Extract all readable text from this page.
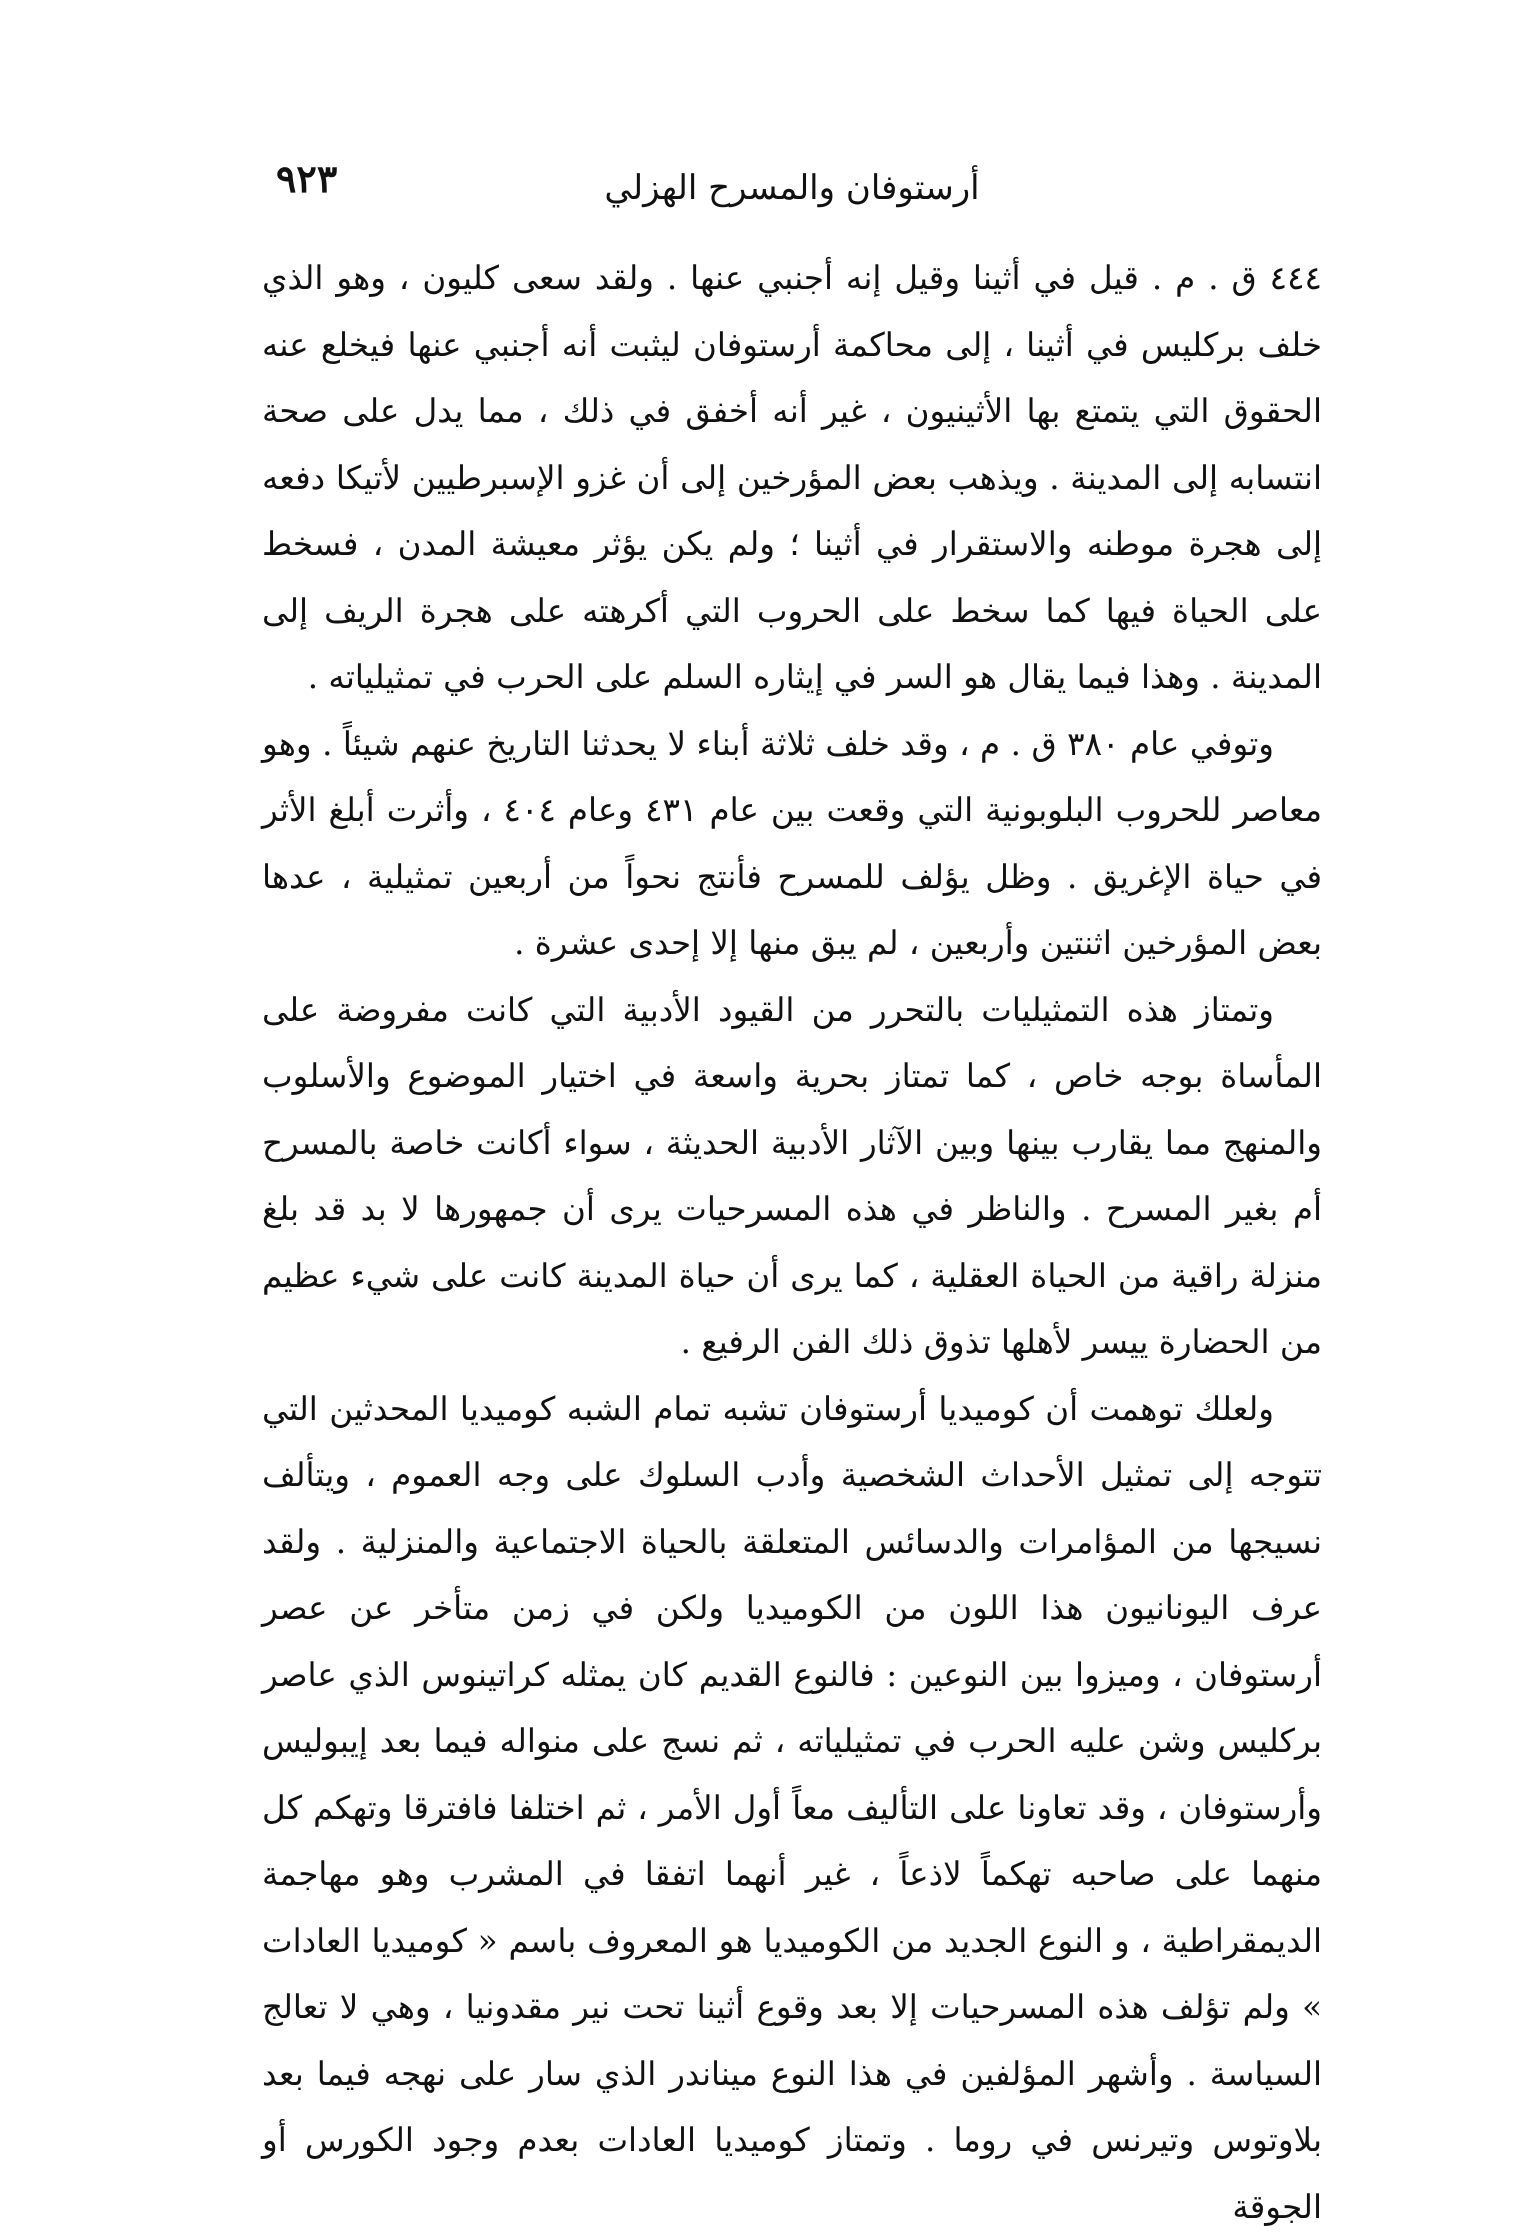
أرستوفان والمسرح الهزلي
٩٢٣

٤٤٤ ق . م . قيل في أثينا وقيل إنه أجنبي عنها . ولقد سعى كليون ، وهو الذي خلف بركليس في أثينا ، إلى محاكمة أرستوفان ليثبت أنه أجنبي عنها فيخلع عنه الحقوق التي يتمتع بها الأثينيون ، غير أنه أخفق في ذلك ، مما يدل على صحة انتسابه إلى المدينة . ويذهب بعض المؤرخين إلى أن غزو الإسبرطيين لأتيكا دفعه إلى هجرة موطنه والاستقرار في أثينا ؛ ولم يكن يؤثر معيشة المدن ، فسخط على الحياة فيها كما سخط على الحروب التي أكرهته على هجرة الريف إلى المدينة . وهذا فيما يقال هو السر في إيثاره السلم على الحرب في تمثيلياته .

وتوفي عام ٣٨٠ ق . م ، وقد خلف ثلاثة أبناء لا يحدثنا التاريخ عنهم شيئاً . وهو معاصر للحروب البلوبونية التي وقعت بين عام ٤٣١ وعام ٤٠٤ ، وأثرت أبلغ الأثر في حياة الإغريق . وظل يؤلف للمسرح فأنتج نحواً من أربعين تمثيلية ، عدها بعض المؤرخين اثنتين وأربعين ، لم يبق منها إلا إحدى عشرة .

وتمتاز هذه التمثيليات بالتحرر من القيود الأدبية التي كانت مفروضة على المأساة بوجه خاص ، كما تمتاز بحرية واسعة في اختيار الموضوع والأسلوب والمنهج مما يقارب بينها وبين الآثار الأدبية الحديثة ، سواء أكانت خاصة بالمسرح أم بغير المسرح . والناظر في هذه المسرحيات يرى أن جمهورها لا بد قد بلغ منزلة راقية من الحياة العقلية ، كما يرى أن حياة المدينة كانت على شيء عظيم من الحضارة ييسر لأهلها تذوق ذلك الفن الرفيع .

ولعلك توهمت أن كوميديا أرستوفان تشبه تمام الشبه كوميديا المحدثين التي تتوجه إلى تمثيل الأحداث الشخصية وأدب السلوك على وجه العموم ، ويتألف نسيجها من المؤامرات والدسائس المتعلقة بالحياة الاجتماعية والمنزلية . ولقد عرف اليونانيون هذا اللون من الكوميديا ولكن في زمن متأخر عن عصر أرستوفان ، وميزوا بين النوعين : فالنوع القديم كان يمثله كراتينوس الذي عاصر بركليس وشن عليه الحرب في تمثيلياته ، ثم نسج على منواله فيما بعد إيبوليس وأرستوفان ، وقد تعاونا على التأليف معاً أول الأمر ، ثم اختلفا فافترقا وتهكم كل منهما على صاحبه تهكماً لاذعاً ، غير أنهما اتفقا في المشرب وهو مهاجمة الديمقراطية ، و النوع الجديد من الكوميديا هو المعروف باسم « كوميديا العادات » ولم تؤلف هذه المسرحيات إلا بعد وقوع أثينا تحت نير مقدونيا ، وهي لا تعالج السياسة . وأشهر المؤلفين في هذا النوع ميناندر الذي سار على نهجه فيما بعد بلاوتوس وتيرنس في روما . وتمتاز كوميديا العادات بعدم وجود الكورس أو الجوقة
